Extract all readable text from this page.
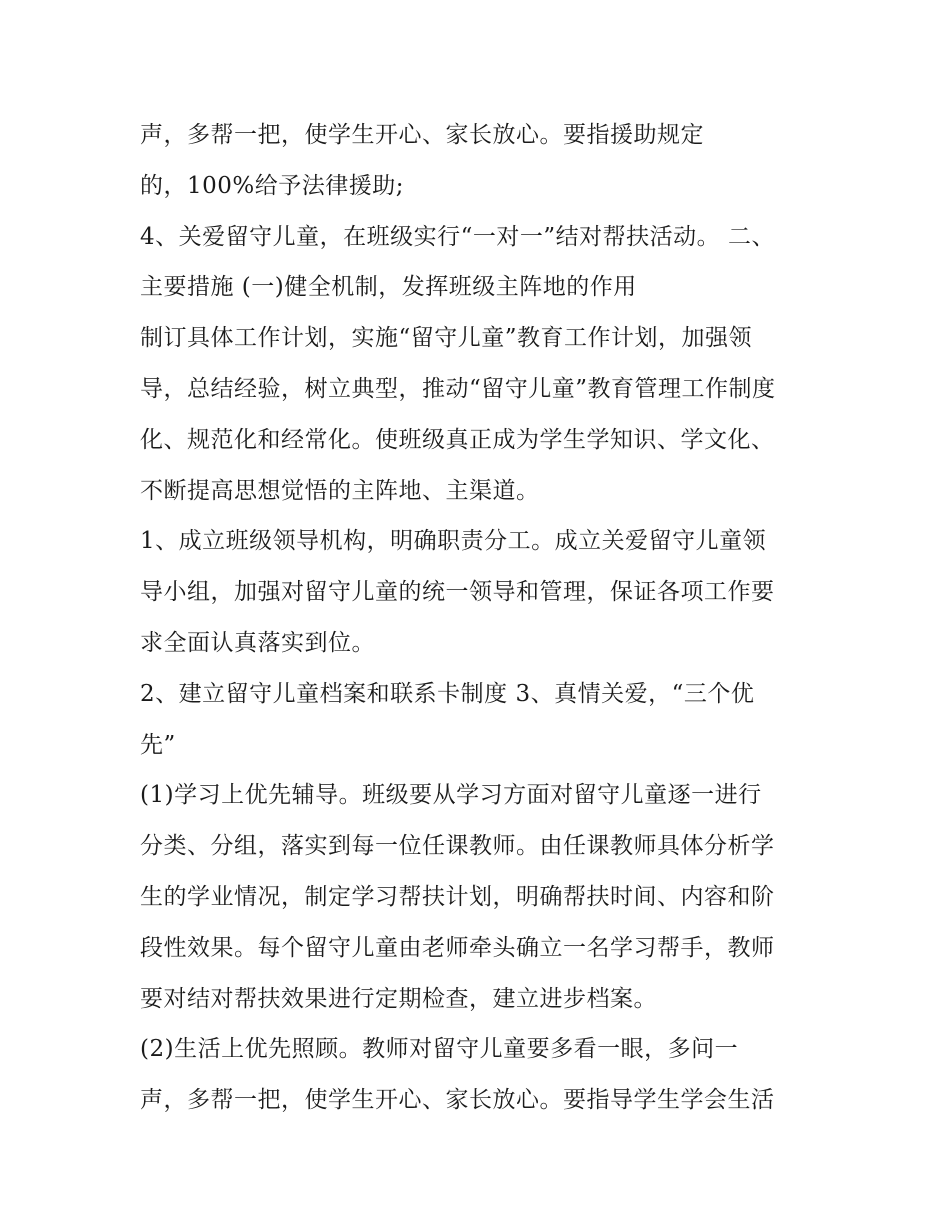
声，多帮一把，使学生开心、家长放心。要指援助规定
的，100%给予法律援助;
4、关爱留守儿童，在班级实行“一对一”结对帮扶活动。 二、
主要措施 (一)健全机制，发挥班级主阵地的作用
制订具体工作计划，实施“留守儿童”教育工作计划，加强领
导，总结经验，树立典型，推动“留守儿童”教育管理工作制度
化、规范化和经常化。使班级真正成为学生学知识、学文化、
不断提高思想觉悟的主阵地、主渠道。
1、成立班级领导机构，明确职责分工。成立关爱留守儿童领
导小组，加强对留守儿童的统一领导和管理，保证各项工作要
求全面认真落实到位。
2、建立留守儿童档案和联系卡制度 3、真情关爱，“三个优
先”
(1)学习上优先辅导。班级要从学习方面对留守儿童逐一进行
分类、分组，落实到每一位任课教师。由任课教师具体分析学
生的学业情况，制定学习帮扶计划，明确帮扶时间、内容和阶
段性效果。每个留守儿童由老师牵头确立一名学习帮手，教师
要对结对帮扶效果进行定期检查，建立进步档案。
(2)生活上优先照顾。教师对留守儿童要多看一眼，多问一
声，多帮一把，使学生开心、家长放心。要指导学生学会生活
